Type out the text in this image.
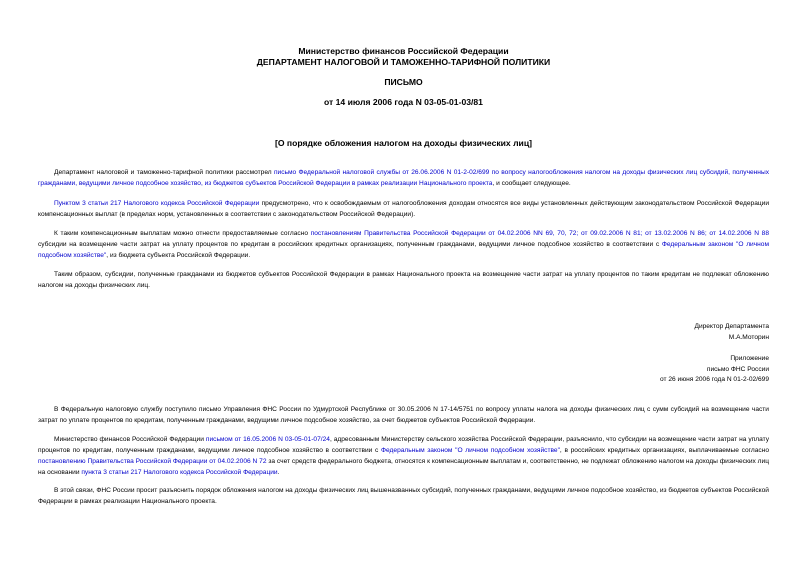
Министерство финансов Российской Федерации
ДЕПАРТАМЕНТ НАЛОГОВОЙ И ТАМОЖЕННО-ТАРИФНОЙ ПОЛИТИКИ
ПИСЬМО
от 14 июля 2006 года N 03-05-01-03/81
[О порядке обложения налогом на доходы физических лиц]
Департамент налоговой и таможенно-тарифной политики рассмотрел письмо Федеральной налоговой службы от 26.06.2006 N 01-2-02/699 по вопросу налогообложения налогом на доходы физических лиц субсидий, полученных гражданами, ведущими личное подсобное хозяйство, из бюджетов субъектов Российской Федерации в рамках реализации Национального проекта, и сообщает следующее.
Пунктом 3 статьи 217 Налогового кодекса Российской Федерации предусмотрено, что к освобождаемым от налогообложения доходам относятся все виды установленных действующим законодательством Российской Федерации компенсационных выплат (в пределах норм, установленных в соответствии с законодательством Российской Федерации).
К таким компенсационным выплатам можно отнести предоставляемые согласно постановлениям Правительства Российской Федерации от 04.02.2006 NN 69, 70, 72; от 09.02.2006 N 81; от 13.02.2006 N 86; от 14.02.2006 N 88 субсидии на возмещение части затрат на уплату процентов по кредитам в российских кредитных организациях, полученным гражданами, ведущими личное подсобное хозяйство в соответствии с Федеральным законом "О личном подсобном хозяйстве", из бюджета субъекта Российской Федерации.
Таким образом, субсидии, полученные гражданами из бюджетов субъектов Российской Федерации в рамках Национального проекта на возмещение части затрат на уплату процентов по таким кредитам не подлежат обложению налогом на доходы физических лиц.
Директор Департамента
М.А.Моторин
Приложение
письмо ФНС России
от 26 июня 2006 года N 01-2-02/699
В Федеральную налоговую службу поступило письмо Управления ФНС России по Удмуртской Республике от 30.05.2006 N 17-14/5751 по вопросу уплаты налога на доходы физических лиц с сумм субсидий на возмещение части затрат по уплате процентов по кредитам, полученным гражданами, ведущими личное подсобное хозяйство, за счет бюджетов субъектов Российской Федерации.
Министерство финансов Российской Федерации письмом от 16.05.2006 N 03-05-01-07/24, адресованным Министерству сельского хозяйства Российской Федерации, разъяснило, что субсидии на возмещение части затрат на уплату процентов по кредитам, полученным гражданами, ведущими личное подсобное хозяйство в соответствии с Федеральным законом "О личном подсобном хозяйстве", в российских кредитных организациях, выплачиваемые согласно постановлению Правительства Российской Федерации от 04.02.2006 N 72 за счет средств федерального бюджета, относятся к компенсационным выплатам и, соответственно, не подлежат обложению налогом на доходы физических лиц на основании пункта 3 статьи 217 Налогового кодекса Российской Федерации.
В этой связи, ФНС России просит разъяснить порядок обложения налогом на доходы физических лиц вышеназванных субсидий, полученных гражданами, ведущими личное подсобное хозяйство, из бюджетов субъектов Российской Федерации в рамках реализации Национального проекта.
